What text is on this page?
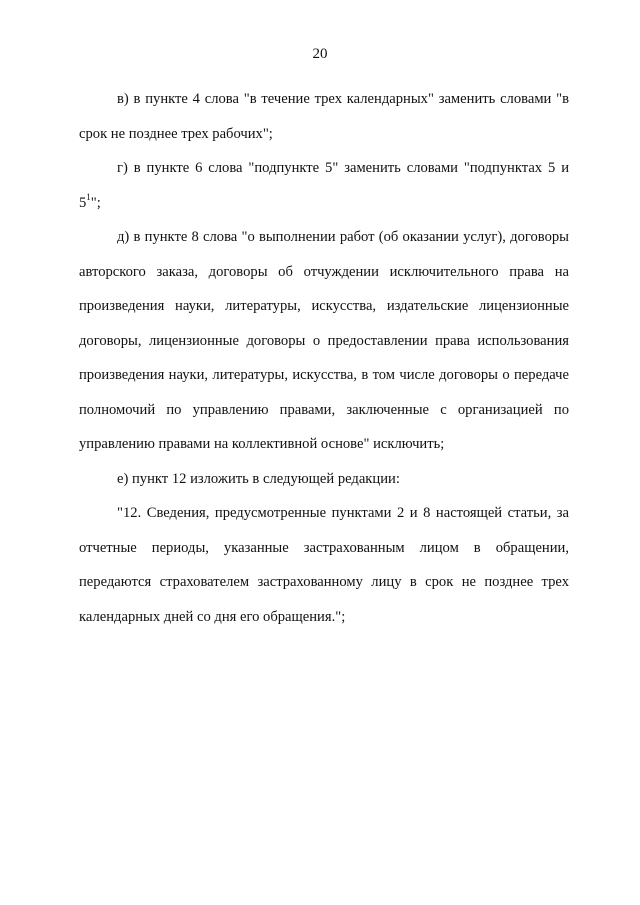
20

в) в пункте 4 слова "в течение трех календарных" заменить словами "в срок не позднее трех рабочих";

г) в пункте 6 слова "подпункте 5" заменить словами "подпунктах 5 и $5^1$";

д) в пункте 8 слова "о выполнении работ (об оказании услуг), договоры авторского заказа, договоры об отчуждении исключительного права на произведения науки, литературы, искусства, издательские лицензионные договоры, лицензионные договоры о предоставлении права использования произведения науки, литературы, искусства, в том числе договоры о передаче полномочий по управлению правами, заключенные с организацией по управлению правами на коллективной основе" исключить;

е) пункт 12 изложить в следующей редакции:

"12. Сведения, предусмотренные пунктами 2 и 8 настоящей статьи, за отчетные периоды, указанные застрахованным лицом в обращении, передаются страхователем застрахованному лицу в срок не позднее трех календарных дней со дня его обращения.";
